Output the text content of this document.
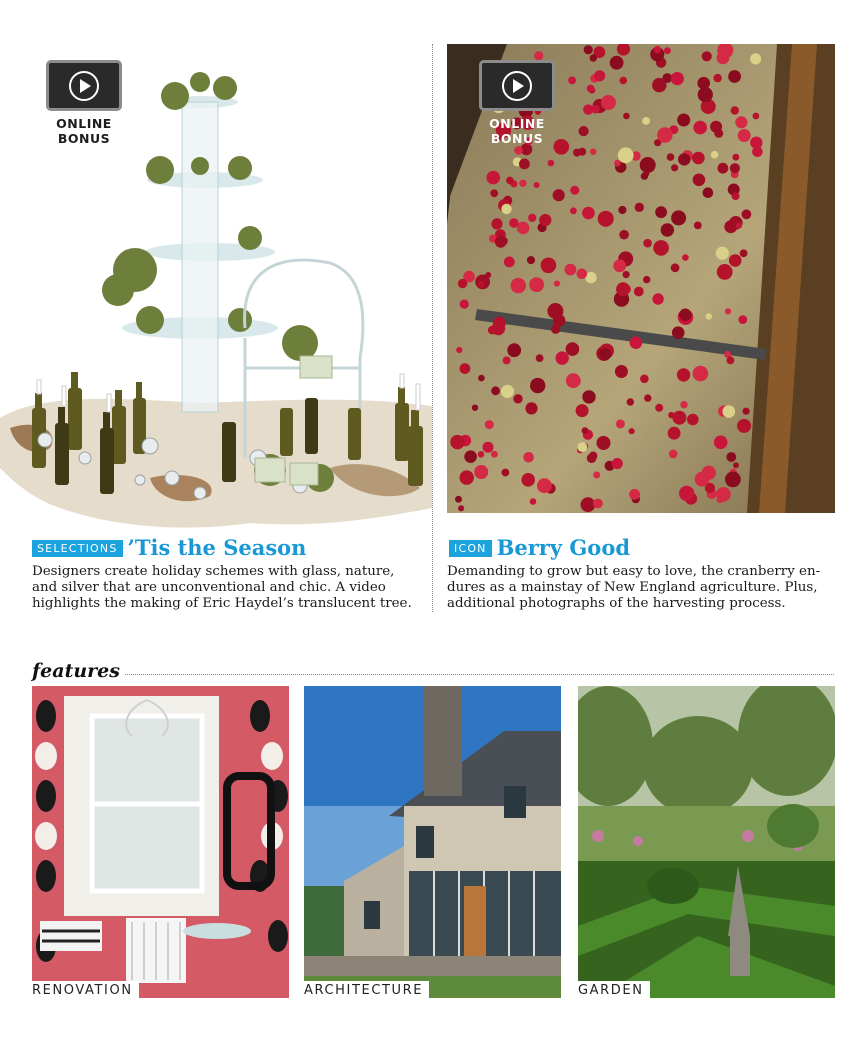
ONLINE
BONUS
SELECTIONS ’Tis the Season
Designers create holiday schemes with glass, nature,
and silver that are unconventional and chic. A video
highlights the making of Eric Haydel’s translucent tree.
ONLINE
BONUS
ICON Berry Good
Demanding to grow but easy to love, the cranberry en-
dures as a mainstay of New England agriculture. Plus,
additional photographs of the harvesting process.
features
RENOVATION	ARCHITECTURE	GARDEN
